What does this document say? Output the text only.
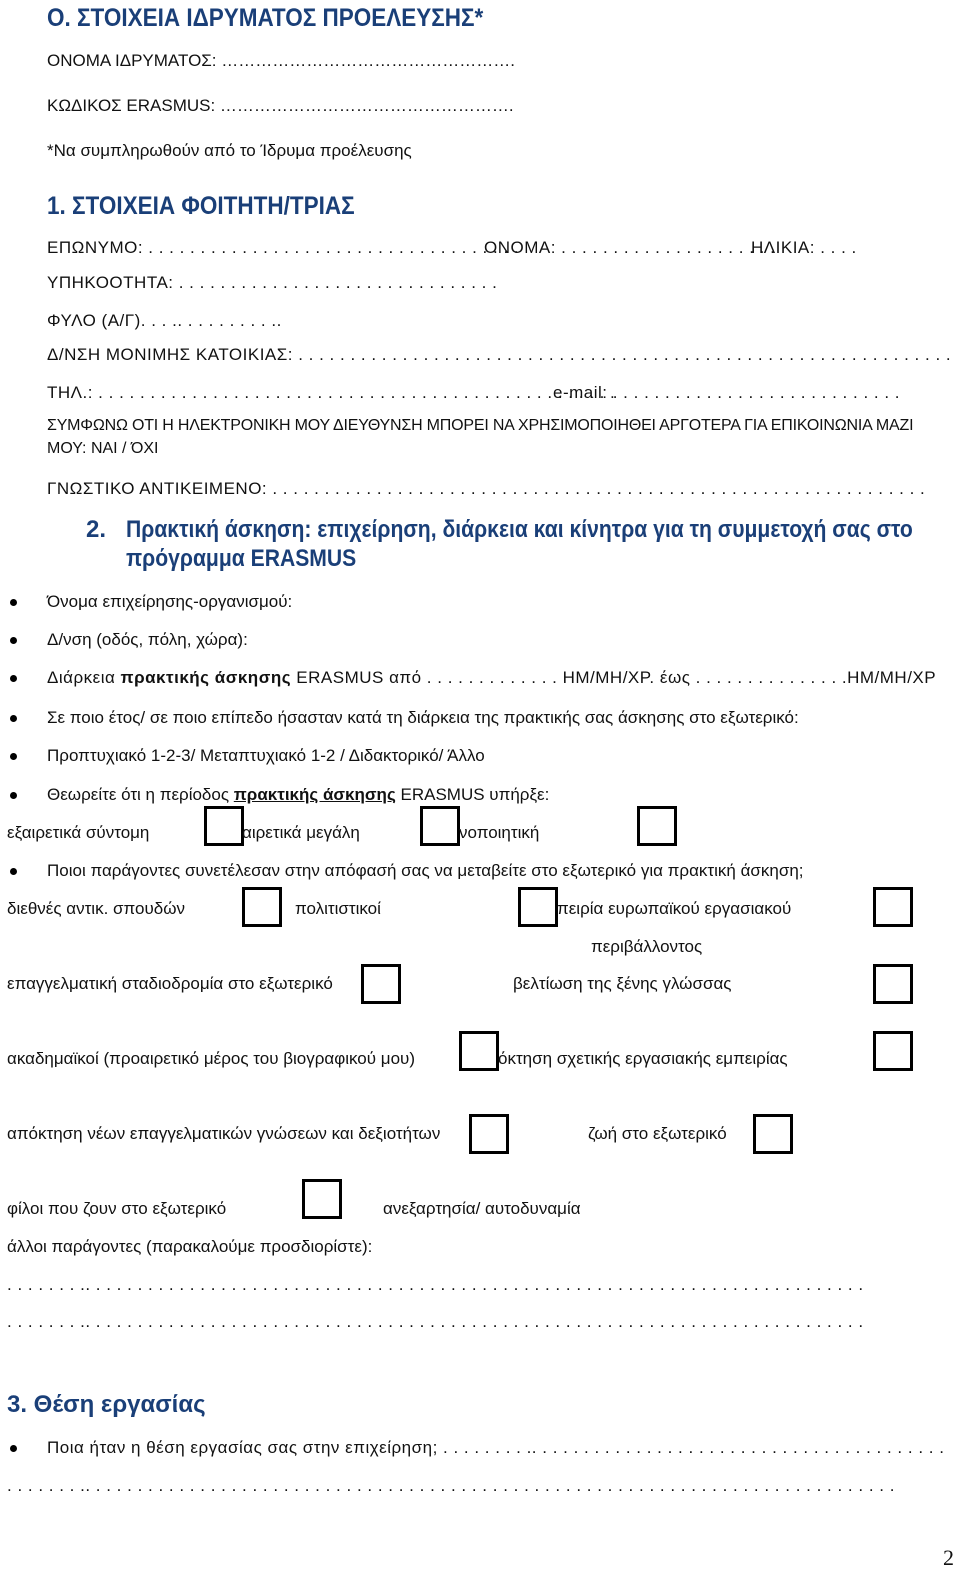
Ο. ΣΤΟΙΧΕΙΑ ΙΔΡΥΜΑΤΟΣ ΠΡΟΕΛΕΥΣΗΣ*
ΟΝΟΜΑ ΙΔΡΥΜΑΤΟΣ: …………………………………………….
ΚΩΔΙΚΟΣ ERASMUS: …………………………………………….
*Να συμπληρωθούν από το Ίδρυμα προέλευσης
1. ΣΤΟΙΧΕΙΑ ΦΟΙΤΗΤΗ/ΤΡΙΑΣ
ΕΠΩΝΥΜΟ: . . . . . . . . . . . . . . . . . . . . . . . . . . . . . . . . . . . .
ΟΝΟΜΑ: . . . . . . . . . . . . . . . . . . . . .
ΗΛΙΚΙΑ: . . . .
ΥΠΗΚΟΟΤΗΤΑ: . . . . . . . . . . . . . . . . . . . . . . . . . . . . . . .
ΦΥΛΟ (Α/Γ). . . .. . . . . . . . . ..
Δ/ΝΣΗ ΜΟΝΙΜΗΣ ΚΑΤΟΙΚΙΑΣ: . . . . . . . . . . . . . . . . . . . . . . . . . . . . . . . . . . . . . . . . . . . . . . . . . . . . . . . . . . . . . . .
ΤΗΛ.: . . . . . . . . . . . . . . . . . . . . . . . . . . . . . . . . . . . . . . . . . . . . . . . . . .
e-mail: . . . . . . . . . . . . . . . . . . . . . . . . . . . .
ΣΥΜΦΩΝΩ ΟΤΙ Η ΗΛΕΚΤΡΟΝΙΚΗ ΜΟΥ ΔΙΕΥΘΥΝΣΗ ΜΠΟΡΕΙ ΝΑ ΧΡΗΣΙΜΟΠΟΙΗΘΕΙ ΑΡΓΟΤΕΡΑ ΓΙΑ ΕΠΙΚΟΙΝΩΝΙΑ ΜΑΖΙ
ΜΟΥ: ΝΑΙ / ΌΧΙ
ΓΝΩΣΤΙΚΟ ΑΝΤΙΚΕΙΜΕΝΟ: . . . . . . . . . . . . . . . . . . . . . . . . . . . . . . . . . . . . . . . . . . . . . . . . . . . . . . . . . . . . . . .
2. Πρακτική άσκηση: επιχείρηση, διάρκεια και κίνητρα για τη συμμετοχή σας στο
πρόγραμμα ERASMUS
Όνομα επιχείρησης-οργανισμού:
Δ/νση (οδός, πόλη, χώρα):
Διάρκεια πρακτικής άσκησης ERASMUS από . . . . . . . . . . . . . ΗΜ/ΜΗ/ΧΡ. έως . . . . . . . . . . . . . . .ΗΜ/ΜΗ/ΧΡ
Σε ποιο έτος/ σε ποιο επίπεδο ήσασταν κατά τη διάρκεια της πρακτικής σας άσκησης στο εξωτερικό:
Προπτυχιακό 1-2-3/ Μεταπτυχιακό 1-2 / Διδακτορικό/ Άλλο
Θεωρείτε ότι η περίοδος πρακτικής άσκησης ERASMUS υπήρξε:
εξαιρετικά σύντομη	αιρετικά μεγάλη	νοποιητική
Ποιοι παράγοντες συνετέλεσαν στην απόφασή σας να μεταβείτε στο εξωτερικό για πρακτική άσκηση;
διεθνές αντικ. σπουδών	πολιτιστικοί	πειρία ευρωπαϊκού εργασιακού
περιβάλλοντος
επαγγελματική σταδιοδρομία στο εξωτερικό	βελτίωση της ξένης γλώσσας
ακαδημαϊκοί (προαιρετικό μέρος του βιογραφικού μου)	όκτηση σχετικής εργασιακής εμπειρίας
απόκτηση νέων επαγγελματικών γνώσεων και δεξιοτήτων	ζωή στο εξωτερικό
φίλοι που ζουν στο εξωτερικό	ανεξαρτησία/ αυτοδυναμία
άλλοι παράγοντες (παρακαλούμε προσδιορίστε):
. . . . . . . .. . . . . . . . . . . . . . . . . . . . . . . . . . . . . . . . . . . . . . . . . . . . . . . . . . . . . . . . . . . . . . . . . . . . . . . . . . .
. . . . . . . .. . . . . . . . . . . . . . . . . . . . . . . . . . . . . . . . . . . . . . . . . . . . . . . . . . . . . . . . . . . . . . . . . . . . . . . . . . .
3. Θέση εργασίας
Ποια ήταν η θέση εργασίας σας στην επιχείρηση; . . . . . . . . .. . . . . . . . . . . . . . . . . . . . . . . . . . . . . . . . . . . . . . . .
. . . . . . . .. . . . . . . . . . . . . . . . . . . . . . . . . . . . . . . . . . . . . . . . . . . . . . . . . . . . . . . . . . . . . . . . . . . . . . . . . . . . . .
2
